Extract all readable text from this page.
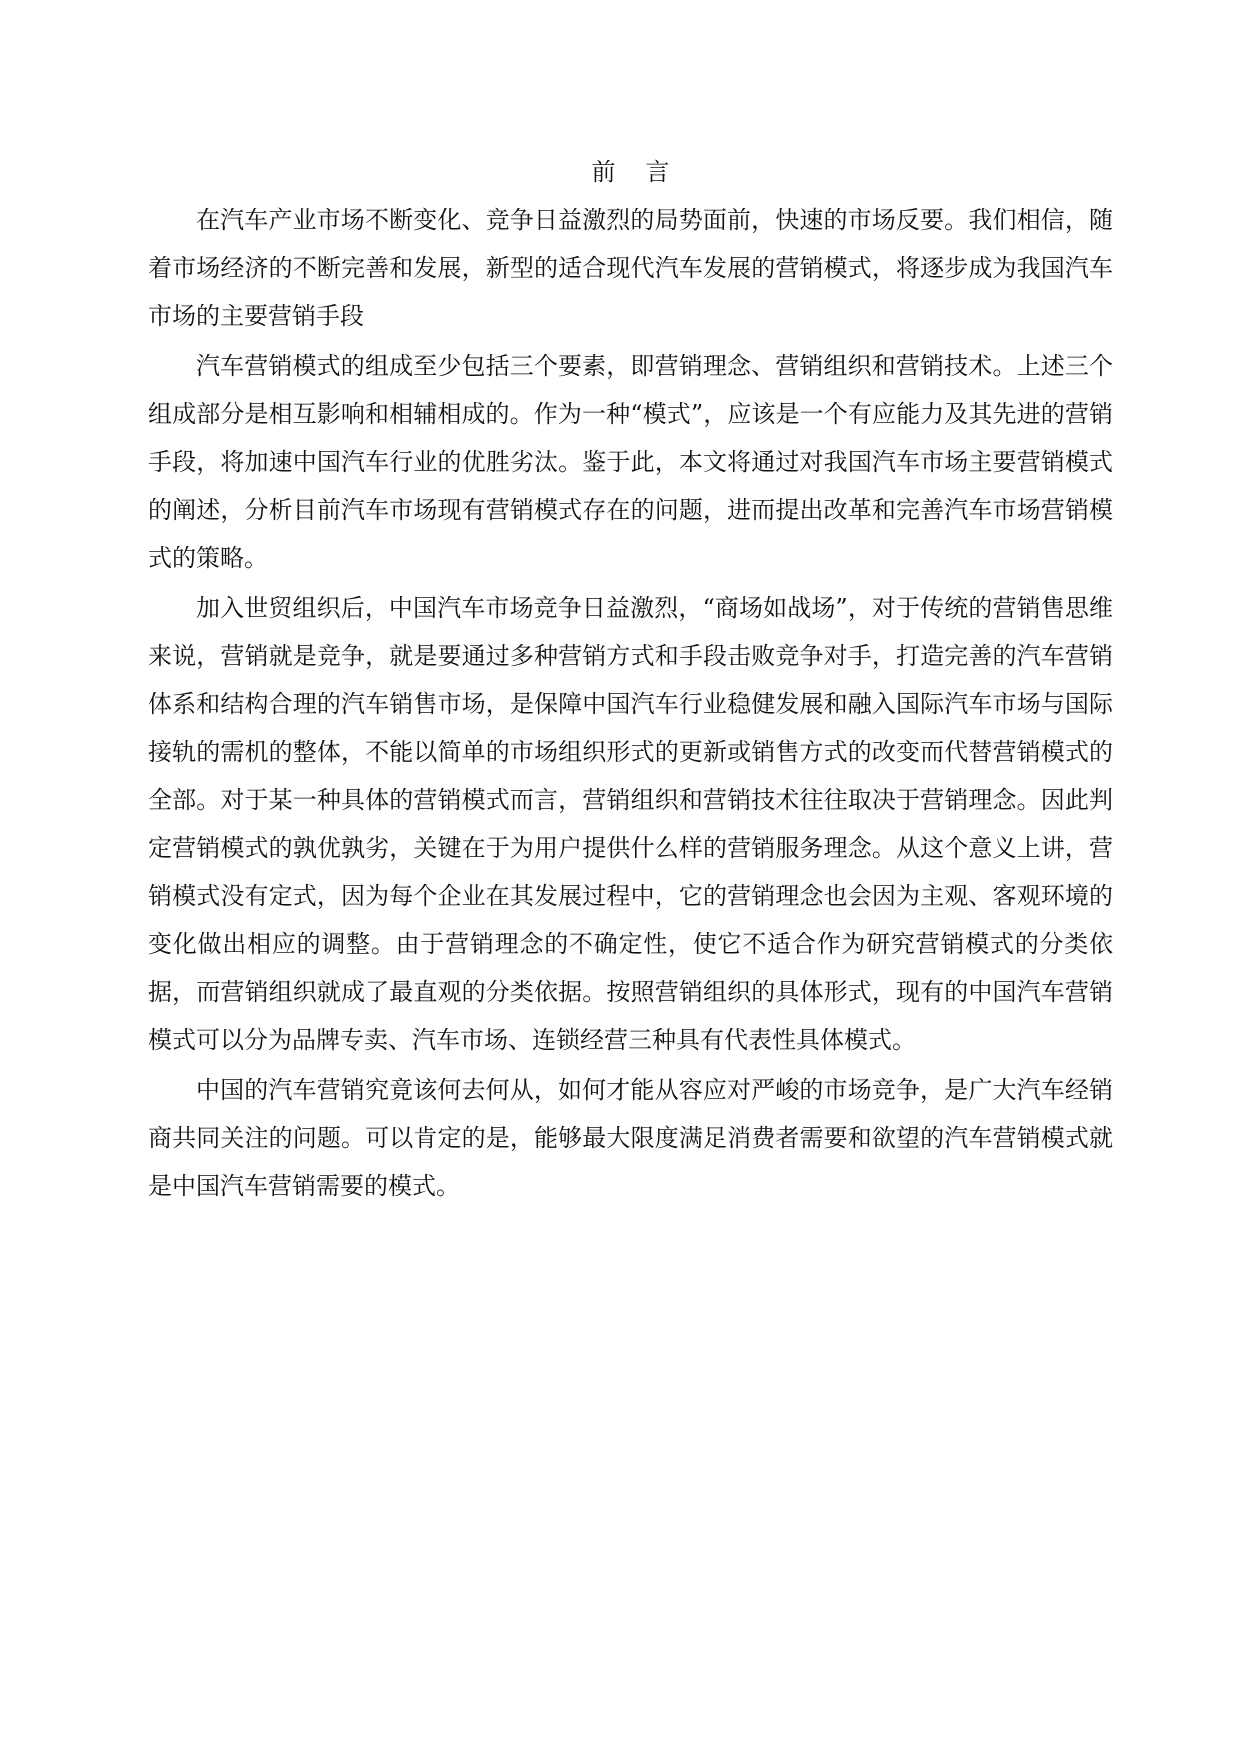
前言

在汽车产业市场不断变化、竞争日益激烈的局势面前，快速的市场反要。我们相信，随着市场经济的不断完善和发展，新型的适合现代汽车发展的营销模式，将逐步成为我国汽车市场的主要营销手段

汽车营销模式的组成至少包括三个要素，即营销理念、营销组织和营销技术。上述三个组成部分是相互影响和相辅相成的。作为一种“模式”，应该是一个有应能力及其先进的营销手段，将加速中国汽车行业的优胜劣汰。鉴于此，本文将通过对我国汽车市场主要营销模式的阐述，分析目前汽车市场现有营销模式存在的问题，进而提出改革和完善汽车市场营销模式的策略。

加入世贸组织后，中国汽车市场竞争日益激烈，“商场如战场”，对于传统的营销售思维来说，营销就是竞争，就是要通过多种营销方式和手段击败竞争对手，打造完善的汽车营销体系和结构合理的汽车销售市场，是保障中国汽车行业稳健发展和融入国际汽车市场与国际接轨的需机的整体，不能以简单的市场组织形式的更新或销售方式的改变而代替营销模式的全部。对于某一种具体的营销模式而言，营销组织和营销技术往往取决于营销理念。因此判定营销模式的孰优孰劣，关键在于为用户提供什么样的营销服务理念。从这个意义上讲，营销模式没有定式，因为每个企业在其发展过程中，它的营销理念也会因为主观、客观环境的变化做出相应的调整。由于营销理念的不确定性，使它不适合作为研究营销模式的分类依据，而营销组织就成了最直观的分类依据。按照营销组织的具体形式，现有的中国汽车营销模式可以分为品牌专卖、汽车市场、连锁经营三种具有代表性具体模式。

中国的汽车营销究竟该何去何从，如何才能从容应对严峻的市场竞争，是广大汽车经销商共同关注的问题。可以肯定的是，能够最大限度满足消费者需要和欲望的汽车营销模式就是中国汽车营销需要的模式。
